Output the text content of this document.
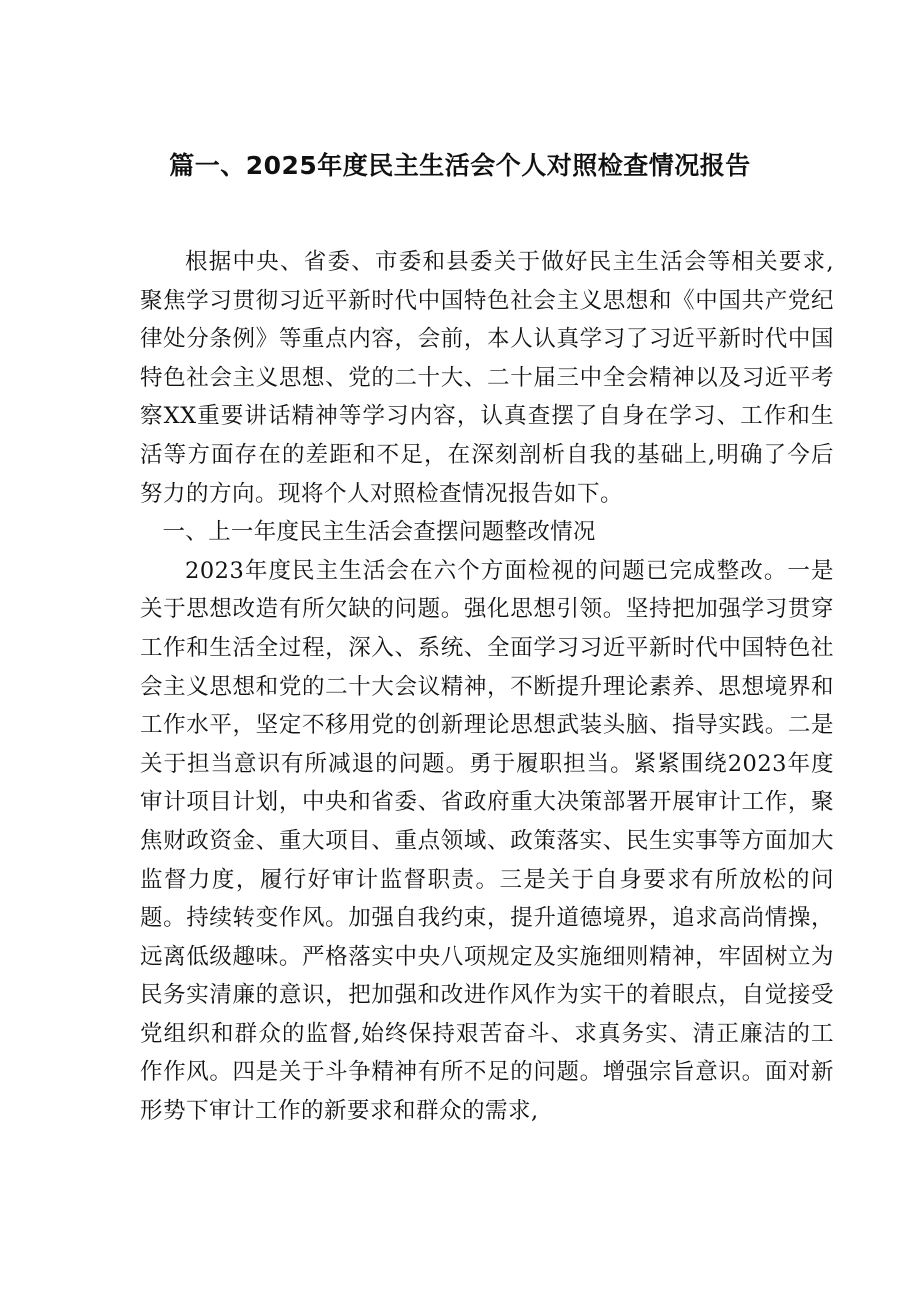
篇一、2025年度民主生活会个人对照检查情况报告

根据中央、省委、市委和县委关于做好民主生活会等相关要求,聚焦学习贯彻习近平新时代中国特色社会主义思想和《中国共产党纪律处分条例》等重点内容，会前，本人认真学习了习近平新时代中国特色社会主义思想、党的二十大、二十届三中全会精神以及习近平考察XX重要讲话精神等学习内容，认真查摆了自身在学习、工作和生活等方面存在的差距和不足，在深刻剖析自我的基础上,明确了今后努力的方向。现将个人对照检查情况报告如下。

一、上一年度民主生活会查摆问题整改情况

2023年度民主生活会在六个方面检视的问题已完成整改。一是关于思想改造有所欠缺的问题。强化思想引领。坚持把加强学习贯穿工作和生活全过程，深入、系统、全面学习习近平新时代中国特色社会主义思想和党的二十大会议精神，不断提升理论素养、思想境界和工作水平，坚定不移用党的创新理论思想武装头脑、指导实践。二是关于担当意识有所减退的问题。勇于履职担当。紧紧围绕2023年度审计项目计划，中央和省委、省政府重大决策部署开展审计工作，聚焦财政资金、重大项目、重点领域、政策落实、民生实事等方面加大监督力度，履行好审计监督职责。三是关于自身要求有所放松的问题。持续转变作风。加强自我约束，提升道德境界，追求高尚情操，远离低级趣味。严格落实中央八项规定及实施细则精神，牢固树立为民务实清廉的意识，把加强和改进作风作为实干的着眼点，自觉接受党组织和群众的监督,始终保持艰苦奋斗、求真务实、清正廉洁的工作作风。四是关于斗争精神有所不足的问题。增强宗旨意识。面对新形势下审计工作的新要求和群众的需求,
